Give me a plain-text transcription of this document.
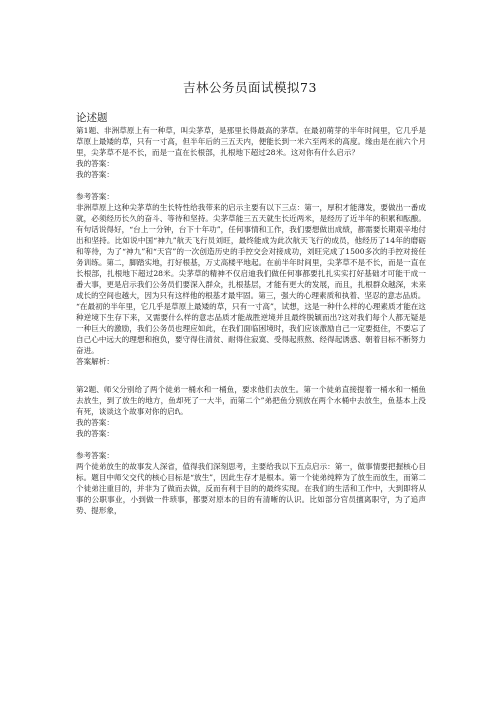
吉林公务员面试模拟73
论述题

第1题、非洲草原上有一种草，叫尖茅草，是那里长得最高的茅草。在最初萌芽的半年时间里，它几乎是草原上最矮的草，只有一寸高，但半年后的三五天内，便能长到一米六至两米的高度。缘由是在前六个月里，尖茅草不是不长，而是一直在长根部，扎根地下超过28米。这对你有什么启示？

我的答案：

我的答案：

参考答案：

非洲草原上这种尖茅草的生长特性给我带来的启示主要有以下三点：第一，厚积才能薄发，要做出一番成就，必须经历长久的奋斗、等待和坚持。尖茅草能三五天就生长近两米，是经历了近半年的积累和酝酿。有句话说得好，“台上一分钟，台下十年功”，任何事情和工作，我们要想做出成绩，都需要长期艰辛地付出和坚持。比如说中国“神九”航天飞行员刘旺，最终能成为此次航天飞行的成员，他经历了14年的磨砺和等待，为了“神九”和“天宫”的一次创造历史的手控交会对接成功，刘旺完成了1500多次的手控对接任务训练。第二，脚踏实地，打好根基，万丈高楼平地起。在前半年时间里，尖茅草不是不长，而是一直在长根部，扎根地下超过28米。尖茅草的精神不仅启迪我们做任何事都要扎扎实实打好基础才可能干成一番大事，更是启示我们公务员们要深入群众，扎根基层，才能有更大的发展，而且，扎根群众越深，未来成长的空间也越大，因为只有这样他的根基才最牢固。第三，强大的心理素质和执着、坚忍的意志品质。

“在最初的半年里，它几乎是草原上最矮的草，只有一寸高”，试想，这是一种什么样的心理素质才能在这种逆境下生存下来，又需要什么样的意志品质才能战胜逆境并且最终脱颖而出?这对我们每个人都无疑是一种巨大的激励，我们公务员也理应如此，在我们面临困境时，我们应该激励自己一定要挺住，不要忘了自己心中远大的理想和抱负，要守得住清贫、耐得住寂寞、受得起煎熬、经得起诱惑、朝着目标不断努力奋进。

答案解析：

第2题、师父分别给了两个徒弟一桶水和一桶鱼，要求他们去放生。第一个徒弟直接提着一桶水和一桶鱼去放生，到了放生的地方，鱼却死了一大半，而第二个”弟把鱼分别放在两个水桶中去放生，鱼基本上没有死，谈谈这个故事对你的启f\。

我的答案：

我的答案：

参考答案：

两个徒弟放生的故事发人深省，值得我们深刻思考，主要给我以下五点启示：第一，做事情要把握核心目标。题目中师父交代的核心目标是“放生”，因此生存才是根本。第一个徒弟纯粹为了放生而放生，而第二个徒弟注重目的，并非为了做而去做，反而有利于目的的最终实现。在我们的生活和工作中，大到即将从事的公职事业，小到做一件琐事，都要对原本的目的有清晰的认识。比如部分官员擅离职守，为了追声势、提形象，
